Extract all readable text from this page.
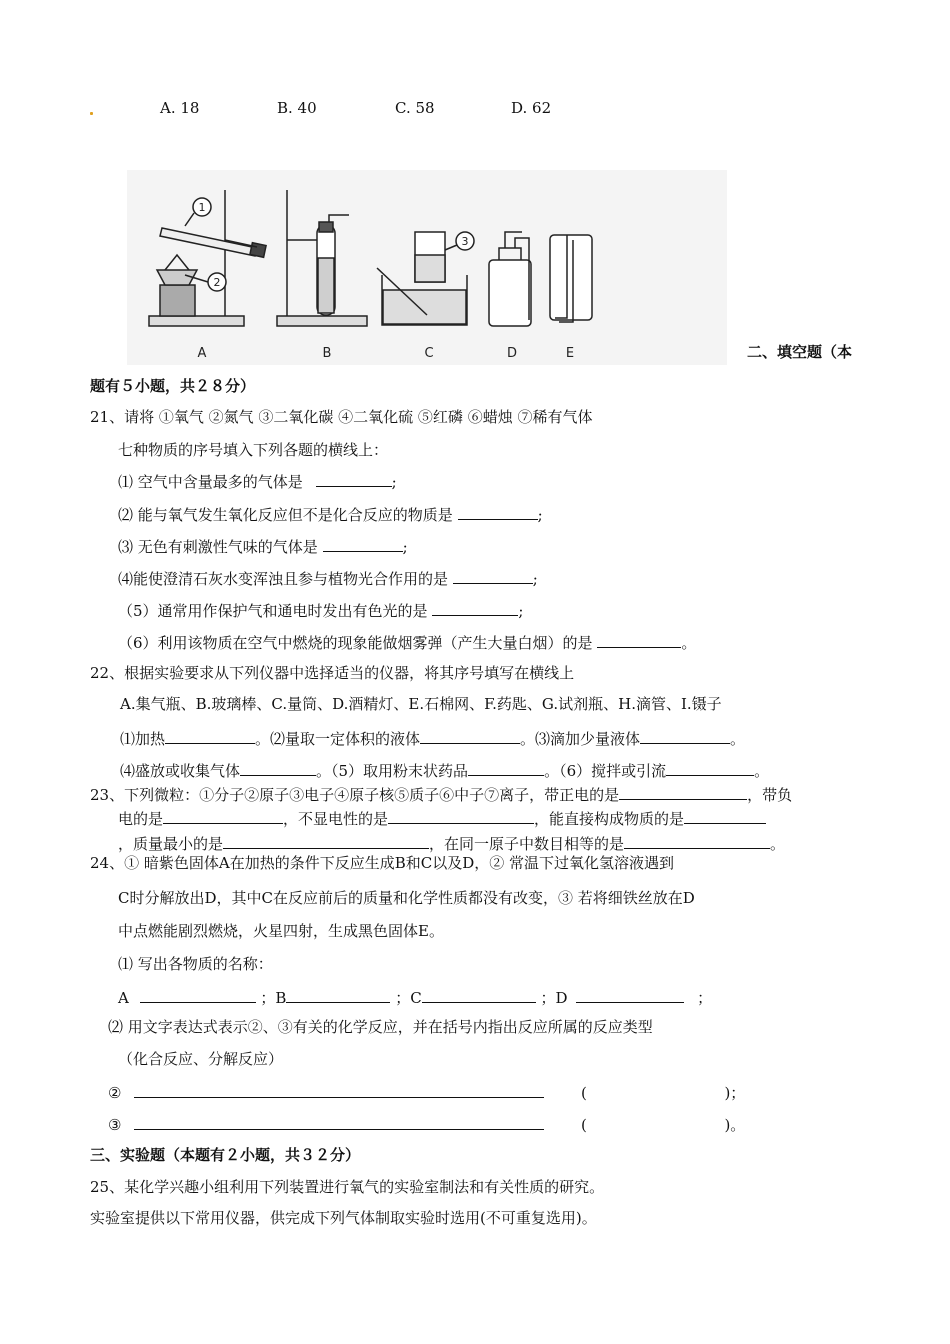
A. 18	B. 40	C. 58	D. 62
A	B	C	D	E
1
2
3
二、填空题（本
题有５小题，共２８分）
21、请将 ①氧气 ②氮气 ③二氧化碳 ④二氧化硫 ⑤红磷 ⑥蜡烛 ⑦稀有气体
七种物质的序号填入下列各题的横线上：
⑴ 空气中含量最多的气体是	;
⑵ 能与氧气发生氧化反应但不是化合反应的物质是	;
⑶ 无色有刺激性气味的气体是	;
⑷能使澄清石灰水变浑浊且参与植物光合作用的是	;
（5）通常用作保护气和通电时发出有色光的是	;
（6）利用该物质在空气中燃烧的现象能做烟雾弹（产生大量白烟）的是	。
22、根据实验要求从下列仪器中选择适当的仪器，将其序号填写在横线上
A.集气瓶、B.玻璃棒、C.量筒、D.酒精灯、E.石棉网、F.药匙、G.试剂瓶、H.滴管、I.镊子
⑴加热	。⑵量取一定体积的液体	。⑶滴加少量液体	。
⑷盛放或收集气体	。（5）取用粉末状药品	。（6）搅拌或引流	。
23、下列微粒：①分子②原子③电子④原子核⑤质子⑥中子⑦离子，带正电的是	，带负
电的是	，不显电性的是	，能直接构成物质的是
，质量最小的是	，在同一原子中数目相等的是	。
24、① 暗紫色固体A在加热的条件下反应生成B和C以及D，② 常温下过氧化氢溶液遇到
C时分解放出D，其中C在反应前后的质量和化学性质都没有改变，③ 若将细铁丝放在D
中点燃能剧烈燃烧，火星四射，生成黑色固体E。
⑴ 写出各物质的名称：
A	；B	；C	；D	；
⑵ 用文字表达式表示②、③有关的化学反应，并在括号内指出反应所属的反应类型
（化合反应、分解反应）
②	(	)；
③	(	)。
三、实验题（本题有２小题，共３２分）
25、某化学兴趣小组利用下列装置进行氧气的实验室制法和有关性质的研究。
实验室提供以下常用仪器，供完成下列气体制取实验时选用(不可重复选用)。
